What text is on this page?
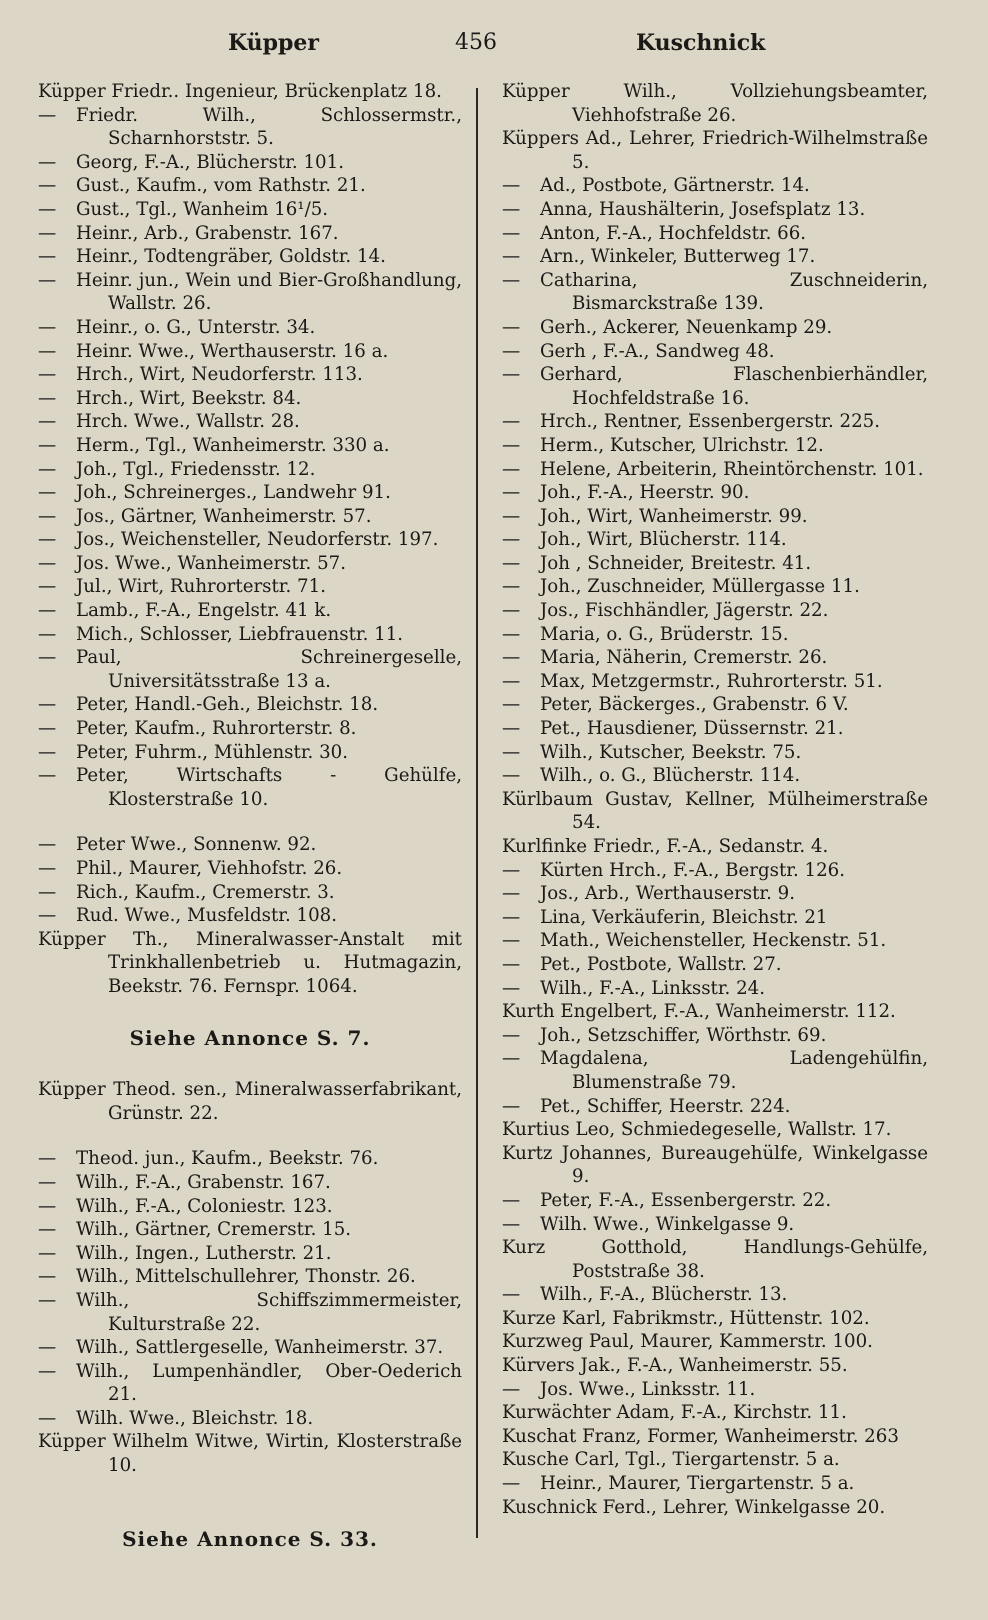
Küpper	456	Kuschnick
Küpper Friedr.. Ingenieur, Brückenplatz 18.
— Friedr. Wilh., Schlossermstr., Scharnhorststr. 5.
— Georg, F.-A., Blücherstr. 101.
— Gust., Kaufm., vom Rathstr. 21.
— Gust., Tgl., Wanheim 16¹/5.
— Heinr., Arb., Grabenstr. 167.
— Heinr., Todtengräber, Goldstr. 14.
— Heinr. jun., Wein und Bier-Großhandlung, Wallstr. 26.
— Heinr., o. G., Unterstr. 34.
— Heinr. Wwe., Werthauserstr. 16 a.
— Hrch., Wirt, Neudorferstr. 113.
— Hrch., Wirt, Beekstr. 84.
— Hrch. Wwe., Wallstr. 28.
— Herm., Tgl., Wanheimerstr. 330 a.
— Joh., Tgl., Friedensstr. 12.
— Joh., Schreinerges., Landwehr 91.
— Jos., Gärtner, Wanheimerstr. 57.
— Jos., Weichensteller, Neudorferstr. 197.
— Jos. Wwe., Wanheimerstr. 57.
— Jul., Wirt, Ruhrorterstr. 71.
— Lamb., F.-A., Engelstr. 41 k.
— Mich., Schlosser, Liebfrauenstr. 11.
— Paul, Schreinergeselle, Universitätsstraße 13 a.
— Peter, Handl.-Geh., Bleichstr. 18.
— Peter, Kaufm., Ruhrorterstr. 8.
— Peter, Fuhrm., Mühlenstr. 30.
— Peter, Wirtschafts - Gehülfe, Klosterstraße 10.
— Peter Wwe., Sonnenw. 92.
— Phil., Maurer, Viehhofstr. 26.
— Rich., Kaufm., Cremerstr. 3.
— Rud. Wwe., Musfeldstr. 108.
Küpper Th., Mineralwasser-Anstalt mit Trinkhallenbetrieb u. Hutmagazin, Beekstr. 76. Fernspr. 1064.
Siehe Annonce S. 7.
Küpper Theod. sen., Mineralwasserfabrikant, Grünstr. 22.
— Theod. jun., Kaufm., Beekstr. 76.
— Wilh., F.-A., Grabenstr. 167.
— Wilh., F.-A., Coloniestr. 123.
— Wilh., Gärtner, Cremerstr. 15.
— Wilh., Ingen., Lutherstr. 21.
— Wilh., Mittelschullehrer, Thonstr. 26.
— Wilh., Schiffszimmermeister, Kulturstraße 22.
— Wilh., Sattlergeselle, Wanheimerstr. 37.
— Wilh., Lumpenhändler, Ober-Oederich 21.
— Wilh. Wwe., Bleichstr. 18.
Küpper Wilhelm Witwe, Wirtin, Klosterstraße 10.
Siehe Annonce S. 33.
Küpper Wilh., Vollziehungsbeamter, Viehhofstraße 26.
Küppers Ad., Lehrer, Friedrich-Wilhelmstraße 5.
— Ad., Postbote, Gärtnerstr. 14.
— Anna, Haushälterin, Josefsplatz 13.
— Anton, F.-A., Hochfeldstr. 66.
— Arn., Winkeler, Butterweg 17.
— Catharina, Zuschneiderin, Bismarckstraße 139.
— Gerh., Ackerer, Neuenkamp 29.
— Gerh , F.-A., Sandweg 48.
— Gerhard, Flaschenbierhändler, Hochfeldstraße 16.
— Hrch., Rentner, Essenbergerstr. 225.
— Herm., Kutscher, Ulrichstr. 12.
— Helene, Arbeiterin, Rheintörchenstr. 101.
— Joh., F.-A., Heerstr. 90.
— Joh., Wirt, Wanheimerstr. 99.
— Joh., Wirt, Blücherstr. 114.
— Joh , Schneider, Breitestr. 41.
— Joh., Zuschneider, Müllergasse 11.
— Jos., Fischhändler, Jägerstr. 22.
— Maria, o. G., Brüderstr. 15.
— Maria, Näherin, Cremerstr. 26.
— Max, Metzgermstr., Ruhrorterstr. 51.
— Peter, Bäckerges., Grabenstr. 6 V.
— Pet., Hausdiener, Düssernstr. 21.
— Wilh., Kutscher, Beekstr. 75.
— Wilh., o. G., Blücherstr. 114.
Kürlbaum Gustav, Kellner, Mülheimerstraße 54.
Kurlfinke Friedr., F.-A., Sedanstr. 4.
— Kürten Hrch., F.-A., Bergstr. 126.
— Jos., Arb., Werthauserstr. 9.
— Lina, Verkäuferin, Bleichstr. 21
— Math., Weichensteller, Heckenstr. 51.
— Pet., Postbote, Wallstr. 27.
— Wilh., F.-A., Linksstr. 24.
Kurth Engelbert, F.-A., Wanheimerstr. 112.
— Joh., Setzschiffer, Wörthstr. 69.
— Magdalena, Ladengehülfin, Blumenstraße 79.
— Pet., Schiffer, Heerstr. 224.
Kurtius Leo, Schmiedegeselle, Wallstr. 17.
Kurtz Johannes, Bureaugehülfe, Winkelgasse 9.
— Peter, F.-A., Essenbergerstr. 22.
— Wilh. Wwe., Winkelgasse 9.
Kurz Gotthold, Handlungs-Gehülfe, Poststraße 38.
— Wilh., F.-A., Blücherstr. 13.
Kurze Karl, Fabrikmstr., Hüttenstr. 102.
Kurzweg Paul, Maurer, Kammerstr. 100.
Kürvers Jak., F.-A., Wanheimerstr. 55.
— Jos. Wwe., Linksstr. 11.
Kurwächter Adam, F.-A., Kirchstr. 11.
Kuschat Franz, Former, Wanheimerstr. 263
Kusche Carl, Tgl., Tiergartenstr. 5 a.
— Heinr., Maurer, Tiergartenstr. 5 a.
Kuschnick Ferd., Lehrer, Winkelgasse 20.
